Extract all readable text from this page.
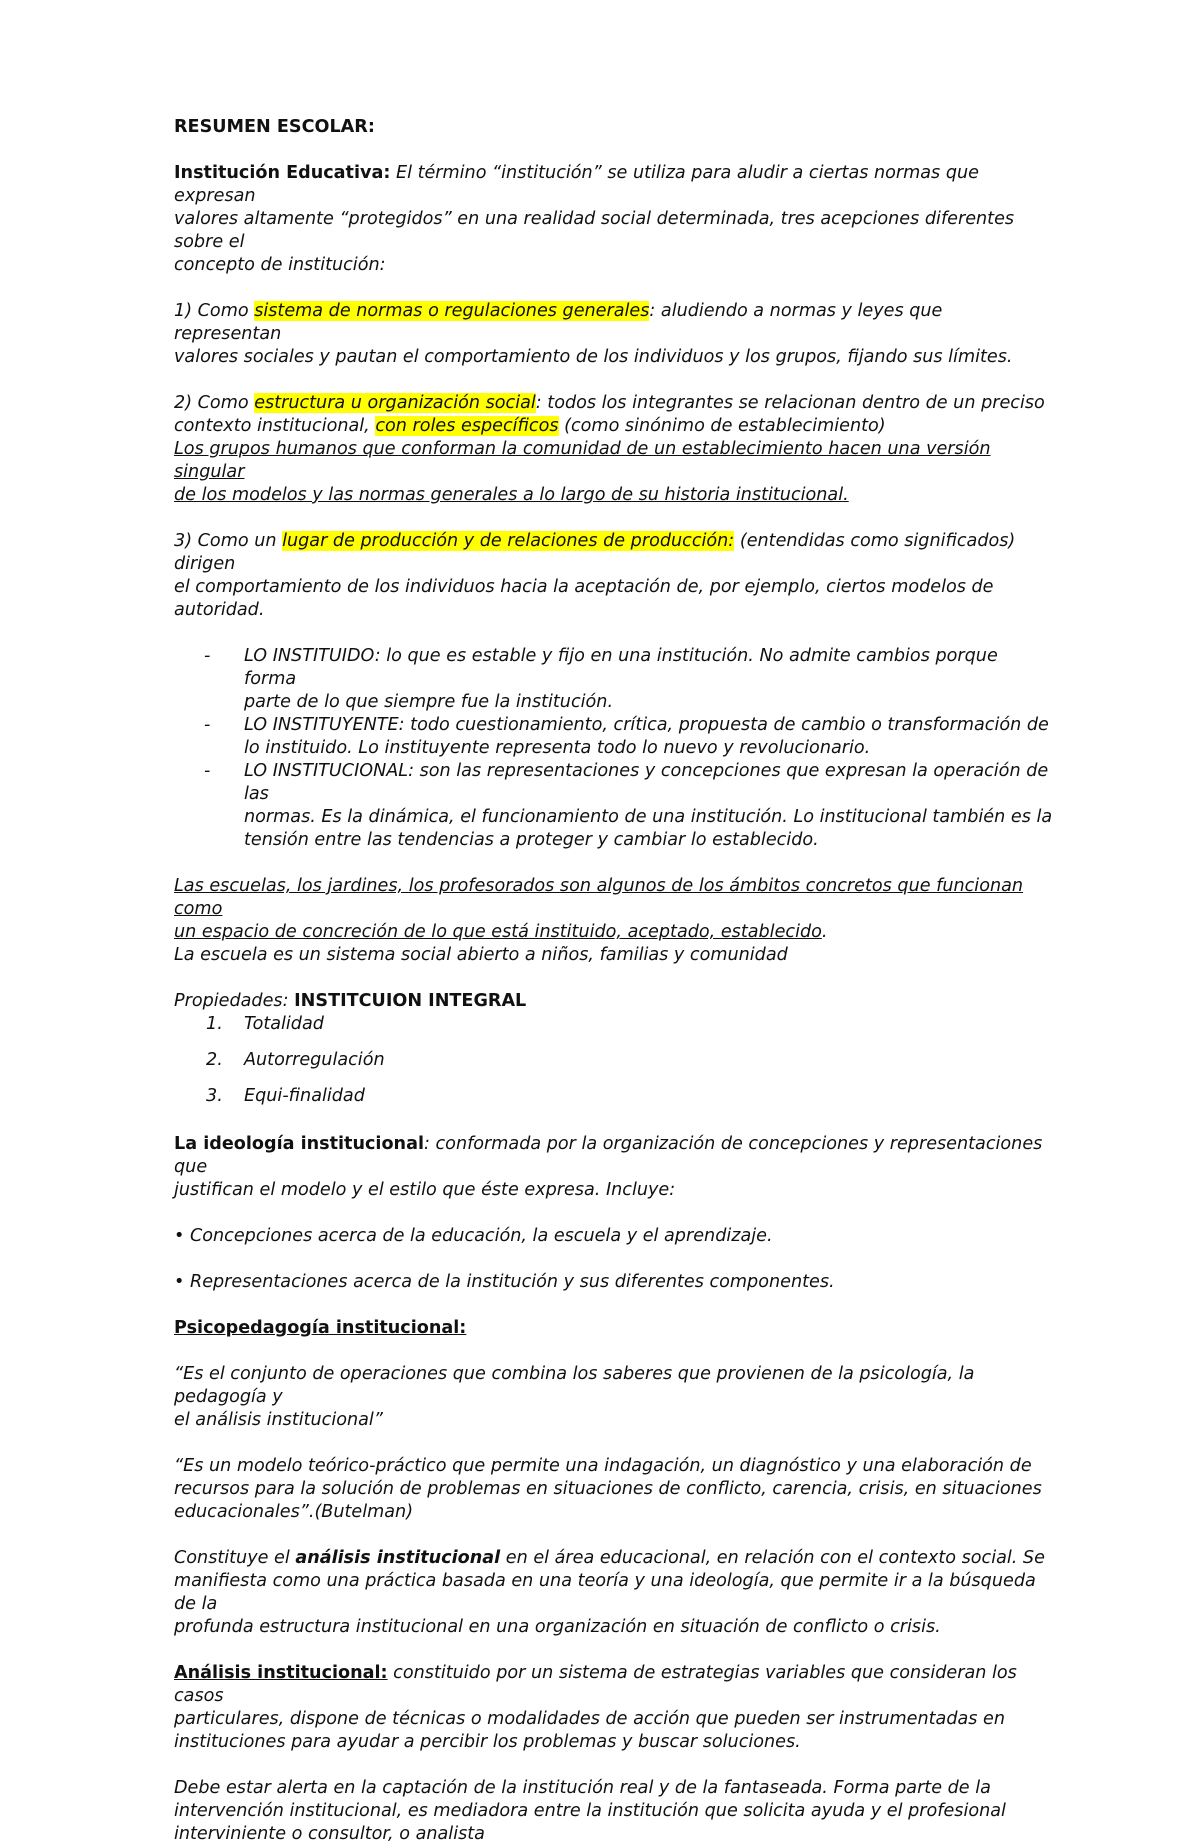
RESUMEN ESCOLAR:

Institución Educativa: El término “institución” se utiliza para aludir a ciertas normas que expresan

valores altamente “protegidos” en una realidad social determinada, tres acepciones diferentes sobre el

concepto de institución:

1) Como sistema de normas o regulaciones generales: aludiendo a normas y leyes que representan

valores sociales y pautan el comportamiento de los individuos y los grupos, fijando sus límites.

2) Como estructura u organización social: todos los integrantes se relacionan dentro de un preciso

contexto institucional, con roles específicos (como sinónimo de establecimiento)

Los grupos humanos que conforman la comunidad de un establecimiento hacen una versión singular

de los modelos y las normas generales a lo largo de su historia institucional.

3) Como un lugar de producción y de relaciones de producción: (entendidas como significados) dirigen

el comportamiento de los individuos hacia la aceptación de, por ejemplo, ciertos modelos de autoridad.

- LO INSTITUIDO: lo que es estable y fijo en una institución. No admite cambios porque forma
parte de lo que siempre fue la institución.
- LO INSTITUYENTE: todo cuestionamiento, crítica, propuesta de cambio o transformación de
lo instituido. Lo instituyente representa todo lo nuevo y revolucionario.
- LO INSTITUCIONAL: son las representaciones y concepciones que expresan la operación de las
normas. Es la dinámica, el funcionamiento de una institución. Lo institucional también es la
tensión entre las tendencias a proteger y cambiar lo establecido.

Las escuelas, los jardines, los profesorados son algunos de los ámbitos concretos que funcionan como

un espacio de concreción de lo que está instituido, aceptado, establecido.

La escuela es un sistema social abierto a niños, familias y comunidad

Propiedades: INSTITCUION INTEGRAL

1. Totalidad
2. Autorregulación
3. Equi-finalidad

La ideología institucional: conformada por la organización de concepciones y representaciones que

justifican el modelo y el estilo que éste expresa. Incluye:

• Concepciones acerca de la educación, la escuela y el aprendizaje.

• Representaciones acerca de la institución y sus diferentes componentes.

Psicopedagogía institucional:

“Es el conjunto de operaciones que combina los saberes que provienen de la psicología, la pedagogía y

el análisis institucional”

“Es un modelo teórico-práctico que permite una indagación, un diagnóstico y una elaboración de

recursos para la solución de problemas en situaciones de conflicto, carencia, crisis, en situaciones

educacionales”.(Butelman)

Constituye el análisis institucional en el área educacional, en relación con el contexto social. Se

manifiesta como una práctica basada en una teoría y una ideología, que permite ir a la búsqueda de la

profunda estructura institucional en una organización en situación de conflicto o crisis.

Análisis institucional: constituido por un sistema de estrategias variables que consideran los casos

particulares, dispone de técnicas o modalidades de acción que pueden ser instrumentadas en

instituciones para ayudar a percibir los problemas y buscar soluciones.

Debe estar alerta en la captación de la institución real y de la fantaseada. Forma parte de la

intervención institucional, es mediadora entre la institución que solicita ayuda y el profesional

interviniente o consultor, o analista
